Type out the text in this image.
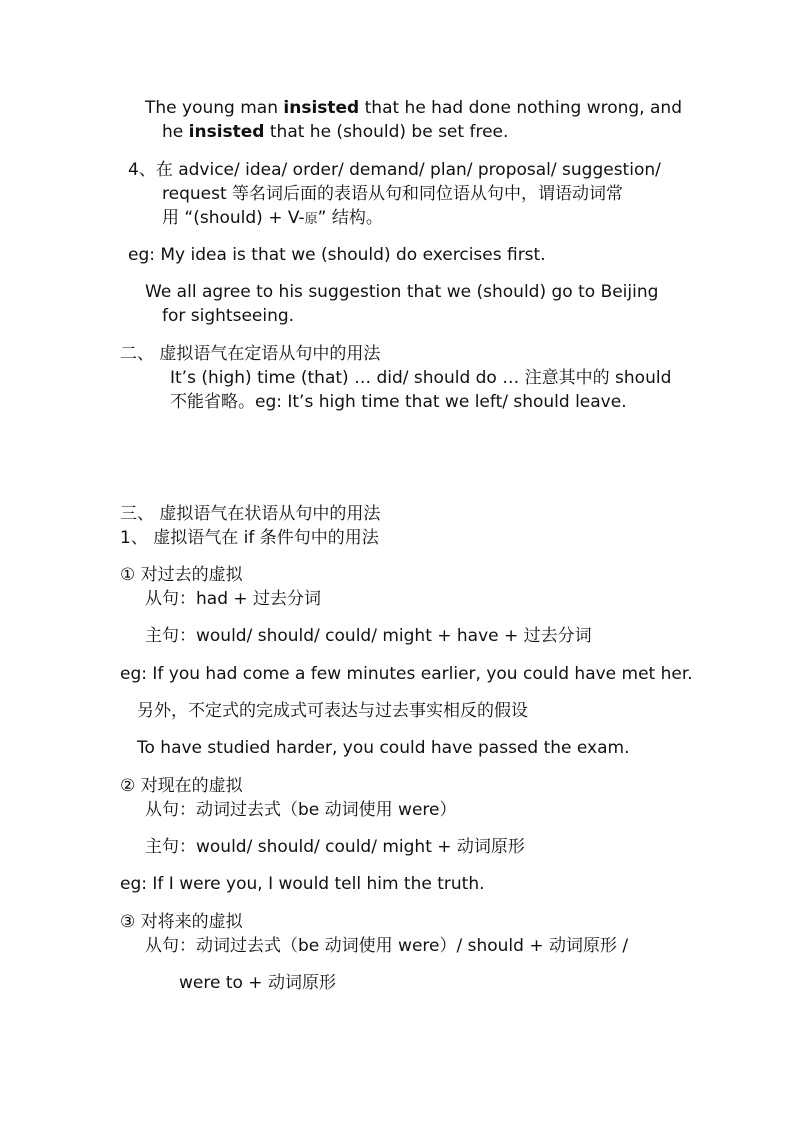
The young man insisted that he had done nothing wrong, and
he insisted that he (should) be set free.
4、在 advice/ idea/ order/ demand/ plan/ proposal/ suggestion/
request 等名词后面的表语从句和同位语从句中，谓语动词常
用 “(should) + V-原” 结构。
eg: My idea is that we (should) do exercises first.
We all agree to his suggestion that we (should) go to Beijing
for sightseeing.
二、 虚拟语气在定语从句中的用法
It’s (high) time (that) … did/ should do … 注意其中的 should
不能省略。eg: It’s high time that we left/ should leave.
三、 虚拟语气在状语从句中的用法
1、 虚拟语气在 if 条件句中的用法
① 对过去的虚拟
从句：had + 过去分词
主句：would/ should/ could/ might + have + 过去分词
eg: If you had come a few minutes earlier, you could have met her.
另外，不定式的完成式可表达与过去事实相反的假设
To have studied harder, you could have passed the exam.
② 对现在的虚拟
从句：动词过去式（be 动词使用 were）
主句：would/ should/ could/ might + 动词原形
eg: If I were you, I would tell him the truth.
③ 对将来的虚拟
从句：动词过去式（be 动词使用 were）/ should + 动词原形 /
were to + 动词原形
